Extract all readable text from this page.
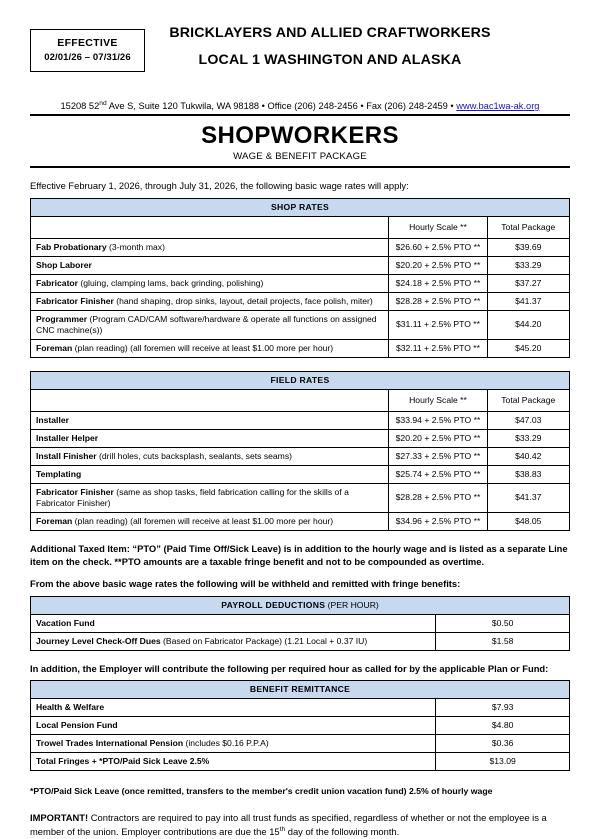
EFFECTIVE
02/01/26 – 07/31/26
BRICKLAYERS AND ALLIED CRAFTWORKERS
LOCAL 1 WASHINGTON AND ALASKA
15208 52nd Ave S, Suite 120 Tukwila, WA 98188 • Office (206) 248-2456 • Fax (206) 248-2459 • www.bac1wa-ak.org
SHOPWORKERS
WAGE & BENEFIT PACKAGE
Effective February 1, 2026, through July 31, 2026, the following basic wage rates will apply:
SHOP RATES		
	Hourly Scale **	Total Package
Fab Probationary (3-month max)	$26.60 + 2.5% PTO **	$39.69
Shop Laborer	$20.20 + 2.5% PTO **	$33.29
Fabricator (gluing, clamping lams, back grinding, polishing)	$24.18 + 2.5% PTO **	$37.27
Fabricator Finisher (hand shaping, drop sinks, layout, detail projects, face polish, miter)	$28.28 + 2.5% PTO **	$41.37
Programmer (Program CAD/CAM software/hardware & operate all functions on assigned CNC machine(s))	$31.11 + 2.5% PTO **	$44.20
Foreman (plan reading) (all foremen will receive at least $1.00 more per hour)	$32.11 + 2.5% PTO **	$45.20
FIELD RATES		
	Hourly Scale **	Total Package
Installer	$33.94 + 2.5% PTO **	$47.03
Installer Helper	$20.20 + 2.5% PTO **	$33.29
Install Finisher (drill holes, cuts backsplash, sealants, sets seams)	$27.33 + 2.5% PTO **	$40.42
Templating	$25.74 + 2.5% PTO **	$38.83
Fabricator Finisher (same as shop tasks, field fabrication calling for the skills of a Fabricator Finisher)	$28.28 + 2.5% PTO **	$41.37
Foreman (plan reading) (all foremen will receive at least $1.00 more per hour)	$34.96 + 2.5% PTO **	$48.05
Additional Taxed Item: “PTO” (Paid Time Off/Sick Leave) is in addition to the hourly wage and is listed as a separate Line item on the check. **PTO amounts are a taxable fringe benefit and not to be compounded as overtime.
From the above basic wage rates the following will be withheld and remitted with fringe benefits:
PAYROLL DEDUCTIONS (PER HOUR)	
Vacation Fund	$0.50
Journey Level Check-Off Dues (Based on Fabricator Package) (1.21 Local + 0.37 IU)	$1.58
In addition, the Employer will contribute the following per required hour as called for by the applicable Plan or Fund:
BENEFIT REMITTANCE	
Health & Welfare	$7.93
Local Pension Fund	$4.80
Trowel Trades International Pension (includes $0.16 P.P.A)	$0.36
Total Fringes + *PTO/Paid Sick Leave 2.5%	$13.09
*PTO/Paid Sick Leave (once remitted, transfers to the member's credit union vacation fund) 2.5% of hourly wage
IMPORTANT! Contractors are required to pay into all trust funds as specified, regardless of whether or not the employee is a member of the union. Employer contributions are due the 15th day of the following month.
